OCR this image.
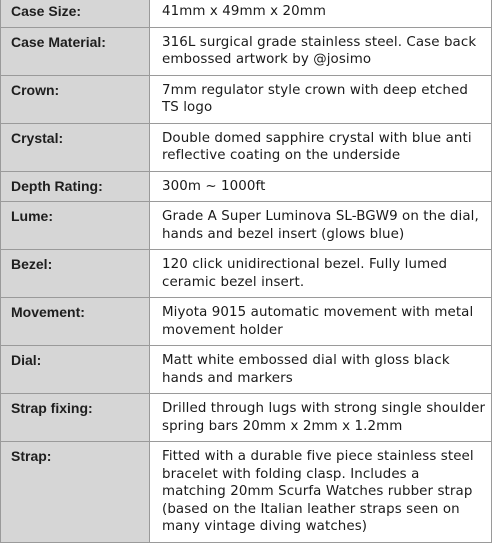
Case Size:	41mm x 49mm x 20mm
Case Material:	316L surgical grade stainless steel. Case back embossed artwork by @josimo
Crown:	7mm regulator style crown with deep etched TS logo
Crystal:	Double domed sapphire crystal with blue anti reflective coating on the underside
Depth Rating:	300m ~ 1000ft
Lume:	Grade A Super Luminova SL-BGW9 on the dial, hands and bezel insert (glows blue)
Bezel:	120 click unidirectional bezel. Fully lumed ceramic bezel insert.
Movement:	Miyota 9015 automatic movement with metal movement holder
Dial:	Matt white embossed dial with gloss black hands and markers
Strap fixing:	Drilled through lugs with strong single shoulder spring bars 20mm x 2mm x 1.2mm
Strap:	Fitted with a durable five piece stainless steel bracelet with folding clasp. Includes a matching 20mm Scurfa Watches rubber strap (based on the Italian leather straps seen on many vintage diving watches)
